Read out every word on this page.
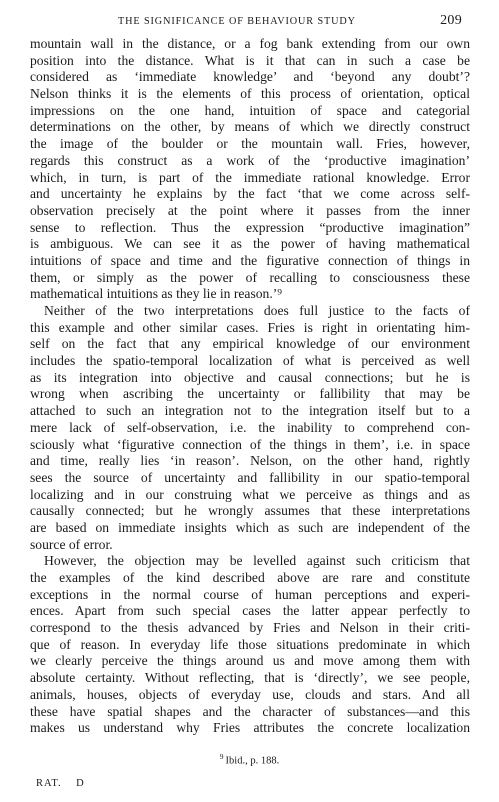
THE SIGNIFICANCE OF BEHAVIOUR STUDY	209
mountain wall in the distance, or a fog bank extending from our own
position into the distance. What is it that can in such a case be
considered as ‘immediate knowledge’ and ‘beyond any doubt’?
Nelson thinks it is the elements of this process of orientation, optical
impressions on the one hand, intuition of space and categorial
determinations on the other, by means of which we directly construct
the image of the boulder or the mountain wall. Fries, however,
regards this construct as a work of the ‘productive imagination’
which, in turn, is part of the immediate rational knowledge. Error
and uncertainty he explains by the fact ‘that we come across self-
observation precisely at the point where it passes from the inner
sense to reflection. Thus the expression “productive imagination”
is ambiguous. We can see it as the power of having mathematical
intuitions of space and time and the figurative connection of things in
them, or simply as the power of recalling to consciousness these
mathematical intuitions as they lie in reason.’⁹
Neither of the two interpretations does full justice to the facts of
this example and other similar cases. Fries is right in orientating him-
self on the fact that any empirical knowledge of our environment
includes the spatio-temporal localization of what is perceived as well
as its integration into objective and causal connections; but he is
wrong when ascribing the uncertainty or fallibility that may be
attached to such an integration not to the integration itself but to a
mere lack of self-observation, i.e. the inability to comprehend con-
sciously what ‘figurative connection of the things in them’, i.e. in space
and time, really lies ‘in reason’. Nelson, on the other hand, rightly
sees the source of uncertainty and fallibility in our spatio-temporal
localizing and in our construing what we perceive as things and as
causally connected; but he wrongly assumes that these interpretations
are based on immediate insights which as such are independent of the
source of error.
However, the objection may be levelled against such criticism that
the examples of the kind described above are rare and constitute
exceptions in the normal course of human perceptions and experi-
ences. Apart from such special cases the latter appear perfectly to
correspond to the thesis advanced by Fries and Nelson in their criti-
que of reason. In everyday life those situations predominate in which
we clearly perceive the things around us and move among them with
absolute certainty. Without reflecting, that is ‘directly’, we see people,
animals, houses, objects of everyday use, clouds and stars. And all
these have spatial shapes and the character of substances—and this
makes us understand why Fries attributes the concrete localization
$^9$ Ibid., p. 188.
RAT.    D
